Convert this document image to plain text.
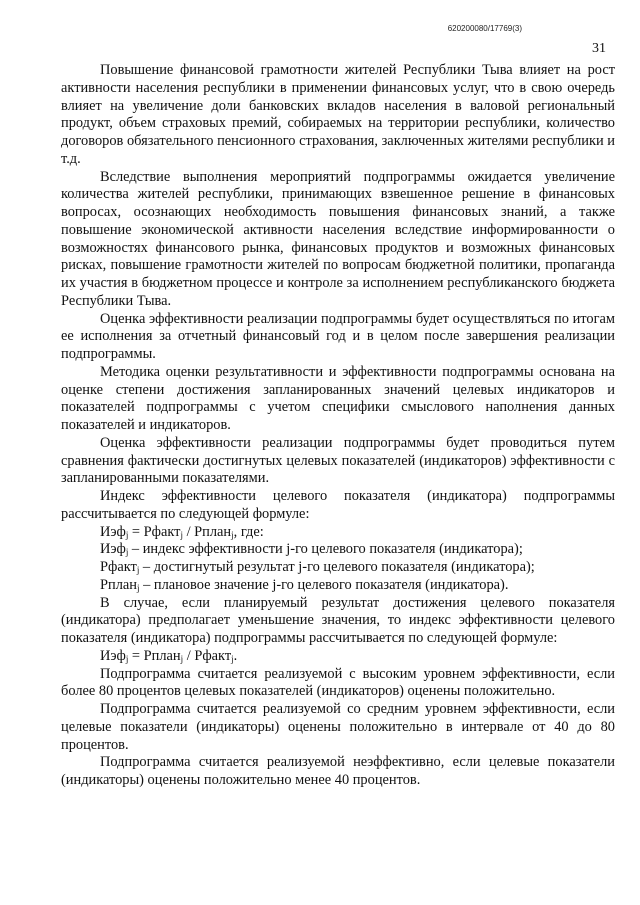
620200080/17769(3)
31

Повышение финансовой грамотности жителей Республики Тыва влияет на рост активности населения республики в применении финансовых услуг, что в свою очередь влияет на увеличение доли банковских вкладов населения в валовой региональный продукт, объем страховых премий, собираемых на территории республики, количество договоров обязательного пенсионного страхования, заключенных жителями республики и т.д.

Вследствие выполнения мероприятий подпрограммы ожидается увеличение количества жителей республики, принимающих взвешенное решение в финансовых вопросах, осознающих необходимость повышения финансовых знаний, а также повышение экономической активности населения вследствие информированности о возможностях финансового рынка, финансовых продуктов и возможных финансовых рисках, повышение грамотности жителей по вопросам бюджетной политики, пропаганда их участия в бюджетном процессе и контроле за исполнением республиканского бюджета Республики Тыва.

Оценка эффективности реализации подпрограммы будет осуществляться по итогам ее исполнения за отчетный финансовый год и в целом после завершения реализации подпрограммы.

Методика оценки результативности и эффективности подпрограммы основана на оценке степени достижения запланированных значений целевых индикаторов и показателей подпрограммы с учетом специфики смыслового наполнения данных показателей и индикаторов.

Оценка эффективности реализации подпрограммы будет проводиться путем сравнения фактически достигнутых целевых показателей (индикаторов) эффективности с запланированными показателями.

Индекс эффективности целевого показателя (индикатора) подпрограммы рассчитывается по следующей формуле:

Иэф$_j$ = Рфакт$_j$ / Рплан$_j$, где:

Иэф$_j$ – индекс эффективности j-го целевого показателя (индикатора);

Рфакт$_j$ – достигнутый результат j-го целевого показателя (индикатора);

Рплан$_j$ – плановое значение j-го целевого показателя (индикатора).

В случае, если планируемый результат достижения целевого показателя (индикатора) предполагает уменьшение значения, то индекс эффективности целевого показателя (индикатора) подпрограммы рассчитывается по следующей формуле:

Иэф$_j$ = Рплан$_j$ / Рфакт$_j$.

Подпрограмма считается реализуемой с высоким уровнем эффективности, если более 80 процентов целевых показателей (индикаторов) оценены положительно.

Подпрограмма считается реализуемой со средним уровнем эффективности, если целевые показатели (индикаторы) оценены положительно в интервале от 40 до 80 процентов.

Подпрограмма считается реализуемой неэффективно, если целевые показатели (индикаторы) оценены положительно менее 40 процентов.
